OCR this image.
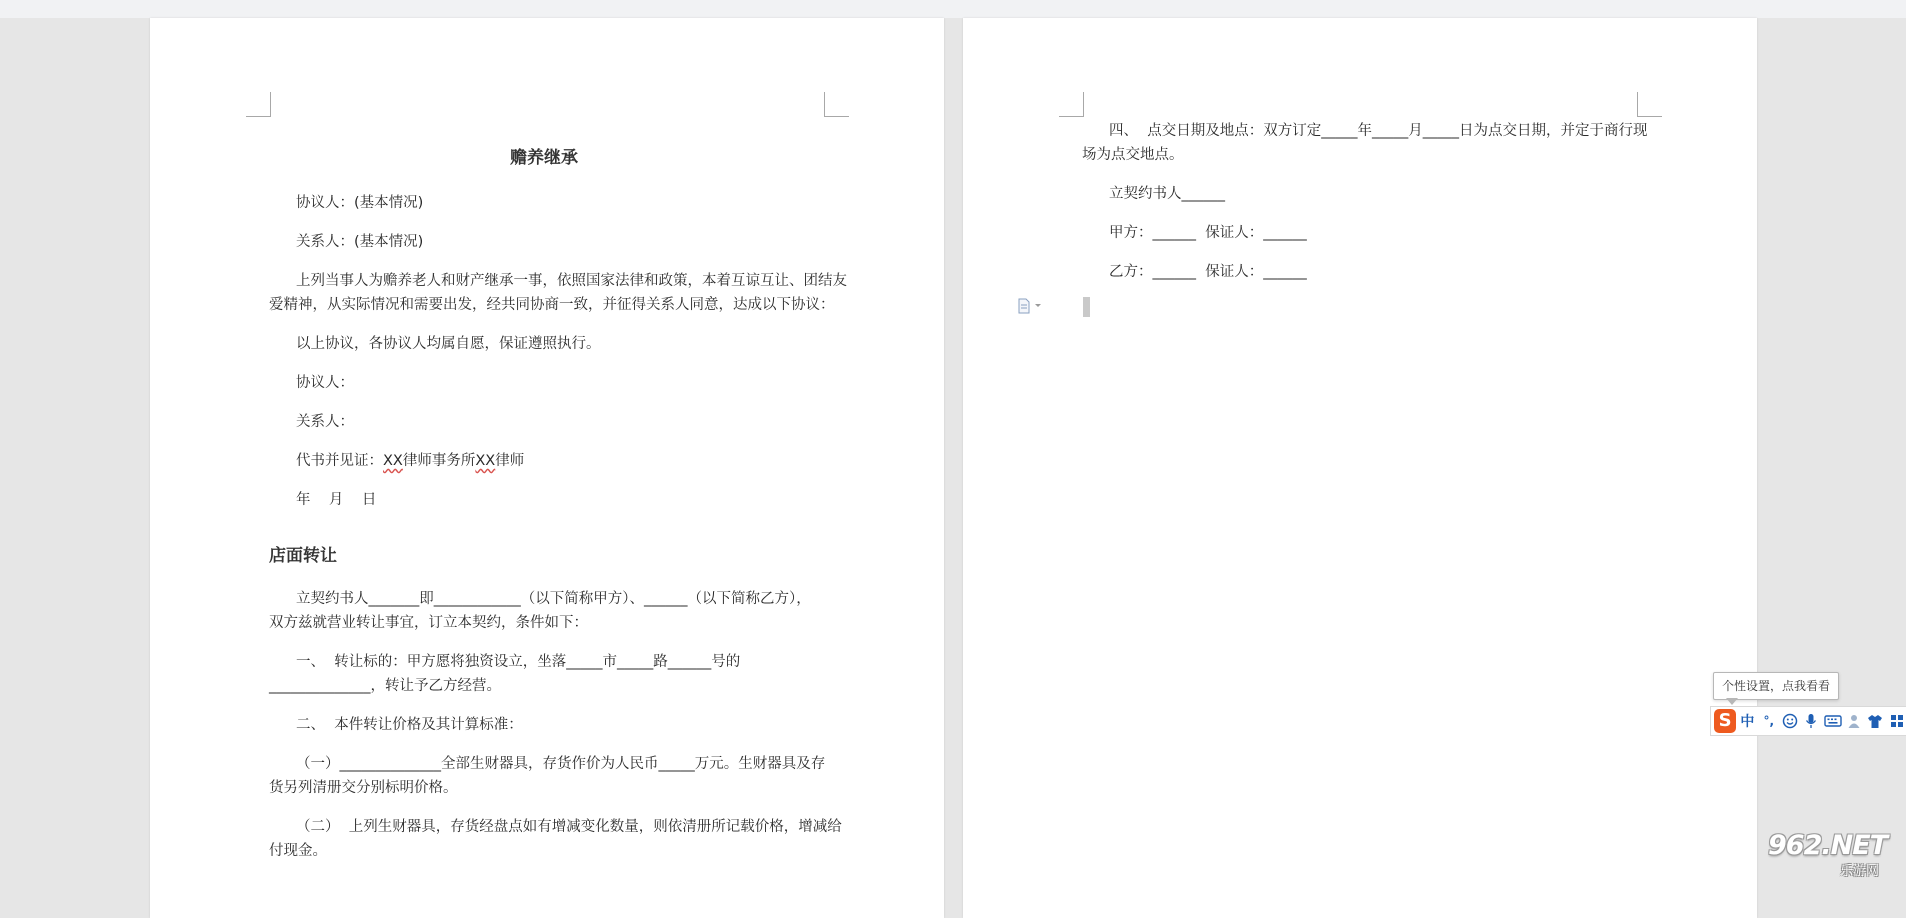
赡养继承
协议人：(基本情况)
关系人：(基本情况)
上列当事人为赡养老人和财产继承一事，依照国家法律和政策，本着互谅互让、团结友
爱精神，从实际情况和需要出发，经共同协商一致，并征得关系人同意，达成以下协议：
以上协议，各协议人均属自愿，保证遵照执行。
协议人：
关系人：
代书并见证：XX律师事务所XX律师
年    月    日
店面转让
立契约书人_______即____________（以下简称甲方）、______（以下简称乙方），
双方兹就营业转让事宜，订立本契约，条件如下：
一、  转让标的：甲方愿将独资设立，坐落_____市_____路______号的
______________，转让予乙方经营。
二、  本件转让价格及其计算标准：
（一）______________全部生财器具，存货作价为人民币_____万元。生财器具及存
货另列清册交分别标明价格。
（二）  上列生财器具，存货经盘点如有增减变化数量，则依清册所记载价格，增减给
付现金。
四、  点交日期及地点：双方订定_____年_____月_____日为点交日期，并定于商行现
场为点交地点。
立契约书人______
甲方：______  保证人：______
乙方：______  保证人：______
个性设置，点我看看
S 中 °,
962.NET
乐游网
